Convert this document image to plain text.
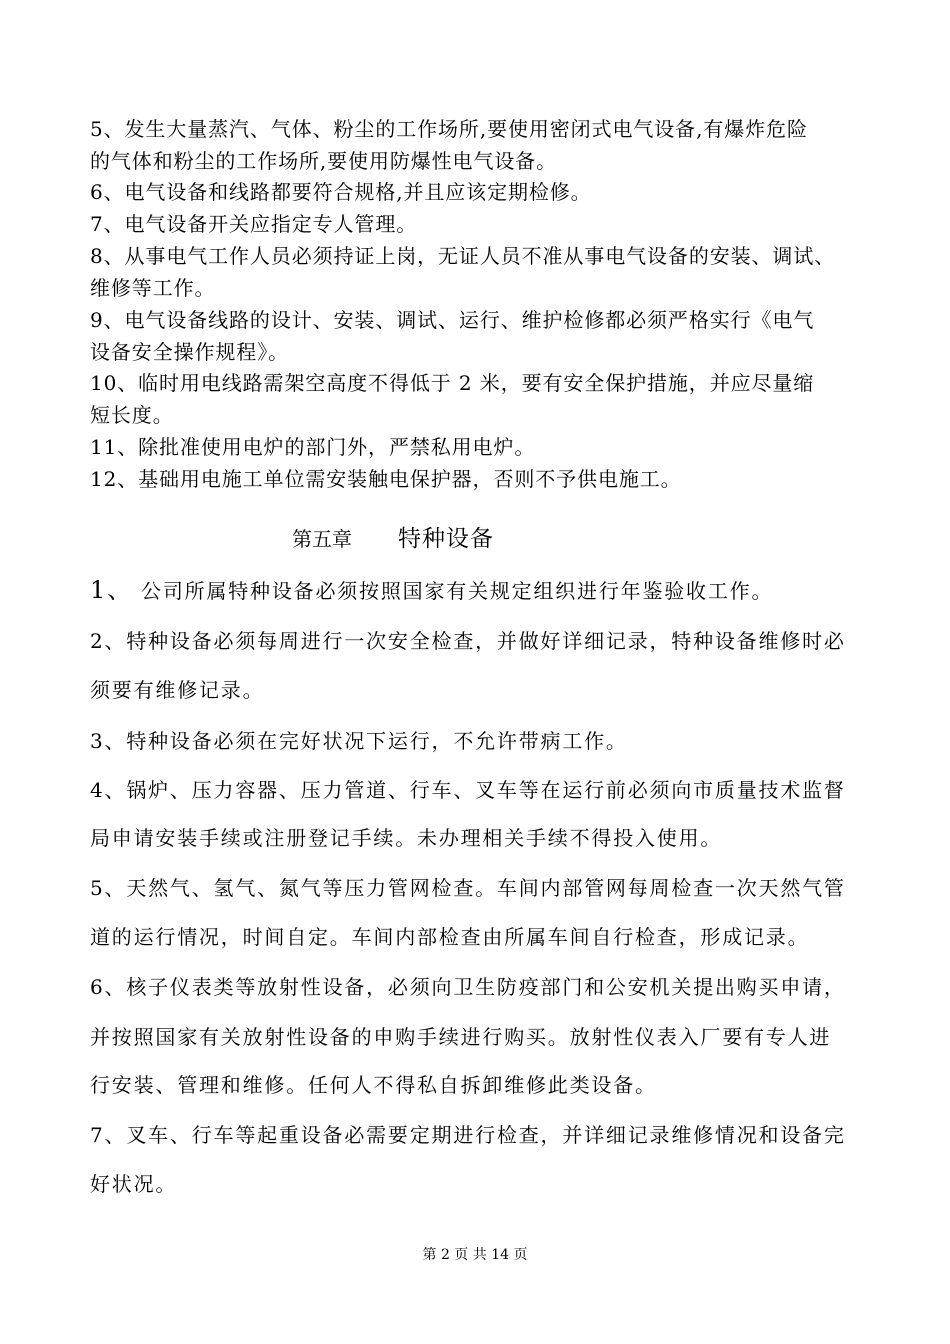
5、发生大量蒸汽、气体、粉尘的工作场所,要使用密闭式电气设备,有爆炸危险
的气体和粉尘的工作场所,要使用防爆性电气设备。
6、电气设备和线路都要符合规格,并且应该定期检修。
7、电气设备开关应指定专人管理。
8、从事电气工作人员必须持证上岗，无证人员不准从事电气设备的安装、调试、
维修等工作。
9、电气设备线路的设计、安装、调试、运行、维护检修都必须严格实行《电气
设备安全操作规程》。
10、临时用电线路需架空高度不得低于 2 米，要有安全保护措施，并应尽量缩
短长度。
11、除批准使用电炉的部门外，严禁私用电炉。
12、基础用电施工单位需安装触电保护器，否则不予供电施工。
第五章 特种设备
1、 公司所属特种设备必须按照国家有关规定组织进行年鉴验收工作。
2、特种设备必须每周进行一次安全检查，并做好详细记录，特种设备维修时必
须要有维修记录。
3、特种设备必须在完好状况下运行，不允许带病工作。
4、锅炉、压力容器、压力管道、行车、叉车等在运行前必须向市质量技术监督
局申请安装手续或注册登记手续。未办理相关手续不得投入使用。
5、天然气、氢气、氮气等压力管网检查。车间内部管网每周检查一次天然气管
道的运行情况，时间自定。车间内部检查由所属车间自行检查，形成记录。
6、核子仪表类等放射性设备，必须向卫生防疫部门和公安机关提出购买申请，
并按照国家有关放射性设备的申购手续进行购买。放射性仪表入厂要有专人进
行安装、管理和维修。任何人不得私自拆卸维修此类设备。
7、叉车、行车等起重设备必需要定期进行检查，并详细记录维修情况和设备完
好状况。
第 2 页 共 14 页
